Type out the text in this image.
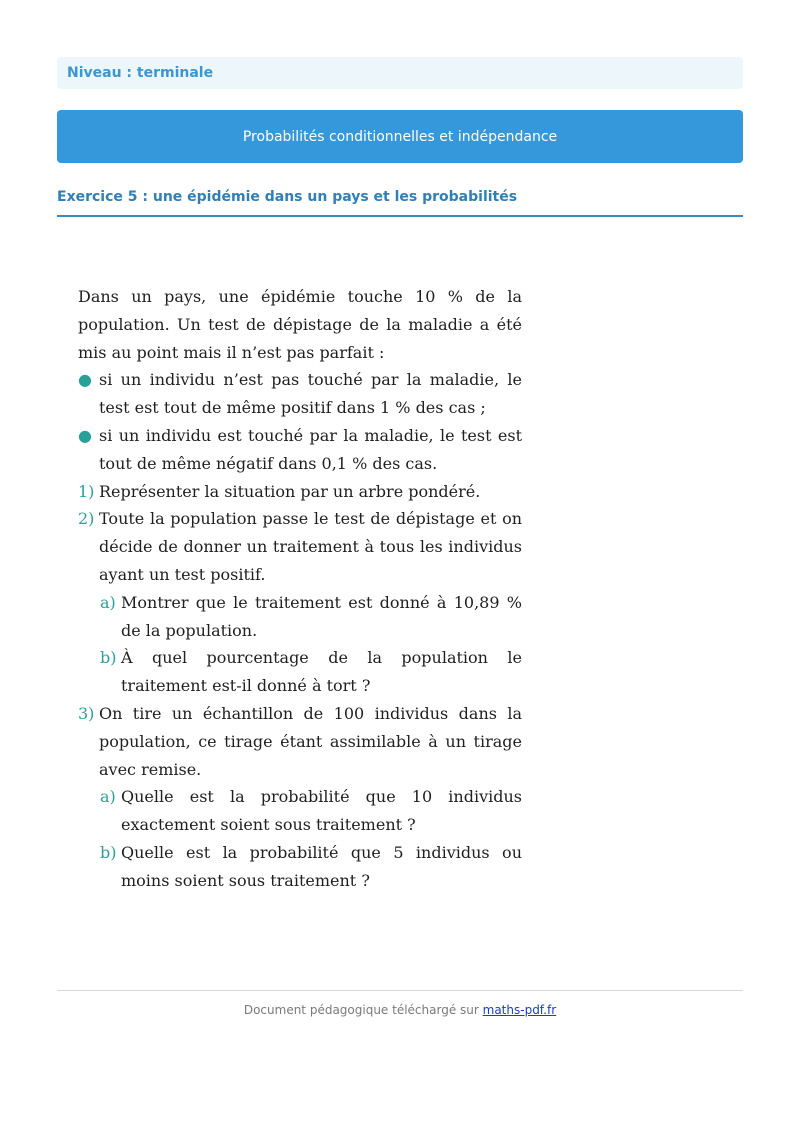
Niveau : terminale
Probabilités conditionnelles et indépendance
Exercice 5 : une épidémie dans un pays et les probabilités

Dans un pays, une épidémie touche 10 % de la population. Un test de dépistage de la maladie a été mis au point mais il n’est pas parfait :

● si un individu n’est pas touché par la maladie, le test est tout de même positif dans 1 % des cas ;
● si un individu est touché par la maladie, le test est tout de même négatif dans 0,1 % des cas.
1) Représenter la situation par un arbre pondéré.
2) Toute la population passe le test de dépistage et on décide de donner un traitement à tous les individus ayant un test positif.
a) Montrer que le traitement est donné à 10,89 % de la population.
b) À quel pourcentage de la population le traitement est-il donné à tort ?
3) On tire un échantillon de 100 individus dans la population, ce tirage étant assimilable à un tirage avec remise.
a) Quelle est la probabilité que 10 individus exactement soient sous traitement ?
b) Quelle est la probabilité que 5 individus ou moins soient sous traitement ?
Document pédagogique téléchargé sur maths-pdf.fr
